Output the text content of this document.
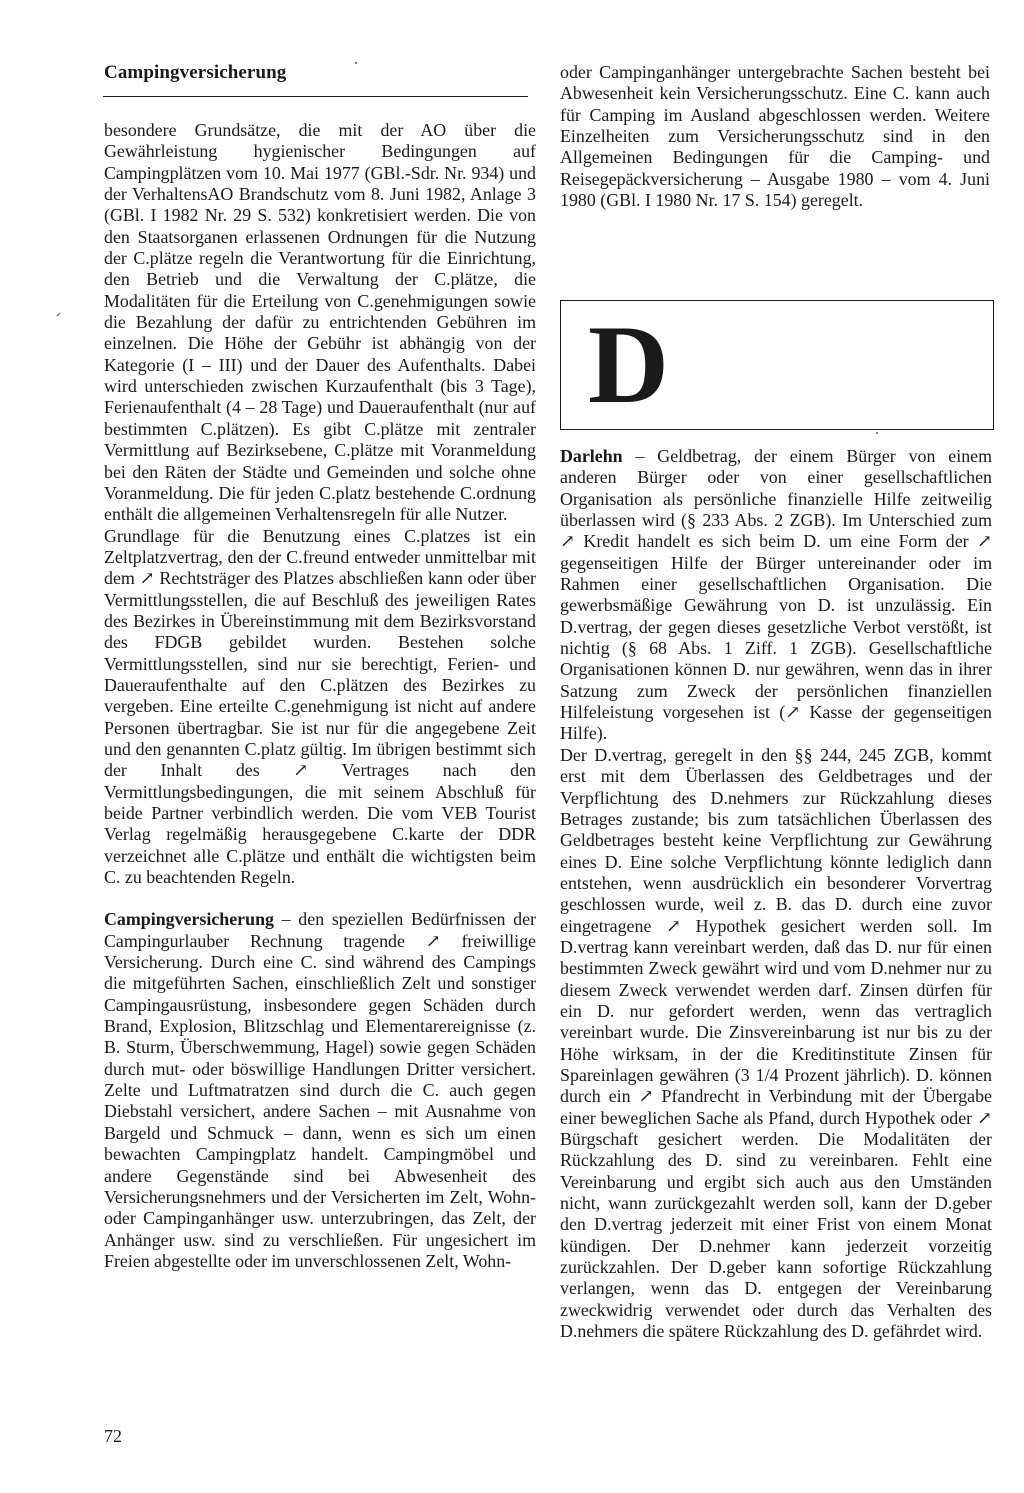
Campingversicherung

besondere Grundsätze, die mit der AO über die Gewährleistung hygienischer Bedingungen auf Campingplätzen vom 10. Mai 1977 (GBl.-Sdr. Nr. 934) und der VerhaltensAO Brandschutz vom 8. Juni 1982, Anlage 3 (GBl. I 1982 Nr. 29 S. 532) konkretisiert werden. Die von den Staatsorganen erlassenen Ordnungen für die Nutzung der C.plätze regeln die Verantwortung für die Einrichtung, den Betrieb und die Verwaltung der C.plätze, die Modalitäten für die Erteilung von C.genehmigungen sowie die Bezahlung der dafür zu entrichtenden Gebühren im einzelnen. Die Höhe der Gebühr ist abhängig von der Kategorie (I – III) und der Dauer des Aufenthalts. Dabei wird unterschieden zwischen Kurzaufenthalt (bis 3 Tage), Ferienaufenthalt (4 – 28 Tage) und Daueraufenthalt (nur auf bestimmten C.plätzen). Es gibt C.plätze mit zentraler Vermittlung auf Bezirksebene, C.plätze mit Voranmeldung bei den Räten der Städte und Gemeinden und solche ohne Voranmeldung. Die für jeden C.platz bestehende C.ordnung enthält die allgemeinen Verhaltensregeln für alle Nutzer.

Grundlage für die Benutzung eines C.platzes ist ein Zeltplatzvertrag, den der C.freund entweder unmittelbar mit dem ↗ Rechtsträger des Platzes abschließen kann oder über Vermittlungsstellen, die auf Beschluß des jeweiligen Rates des Bezirkes in Übereinstimmung mit dem Bezirksvorstand des FDGB gebildet wurden. Bestehen solche Vermittlungsstellen, sind nur sie berechtigt, Ferien- und Daueraufenthalte auf den C.plätzen des Bezirkes zu vergeben. Eine erteilte C.genehmigung ist nicht auf andere Personen übertragbar. Sie ist nur für die angegebene Zeit und den genannten C.platz gültig. Im übrigen bestimmt sich der Inhalt des ↗ Vertrages nach den Vermittlungsbedingungen, die mit seinem Abschluß für beide Partner verbindlich werden. Die vom VEB Tourist Verlag regelmäßig herausgegebene C.karte der DDR verzeichnet alle C.plätze und enthält die wichtigsten beim C. zu beachtenden Regeln.

Campingversicherung – den speziellen Bedürfnissen der Campingurlauber Rechnung tragende ↗ freiwillige Versicherung. Durch eine C. sind während des Campings die mitgeführten Sachen, einschließlich Zelt und sonstiger Campingausrüstung, insbesondere gegen Schäden durch Brand, Explosion, Blitzschlag und Elementarereignisse (z. B. Sturm, Überschwemmung, Hagel) sowie gegen Schäden durch mut- oder böswillige Handlungen Dritter versichert. Zelte und Luftmatratzen sind durch die C. auch gegen Diebstahl versichert, andere Sachen – mit Ausnahme von Bargeld und Schmuck – dann, wenn es sich um einen bewachten Campingplatz handelt. Campingmöbel und andere Gegenstände sind bei Abwesenheit des Versicherungsnehmers und der Versicherten im Zelt, Wohn- oder Campinganhänger usw. unterzubringen, das Zelt, der Anhänger usw. sind zu verschließen. Für ungesichert im Freien abgestellte oder im unverschlossenen Zelt, Wohn-

oder Campinganhänger untergebrachte Sachen besteht bei Abwesenheit kein Versicherungsschutz. Eine C. kann auch für Camping im Ausland abgeschlossen werden. Weitere Einzelheiten zum Versicherungsschutz sind in den Allgemeinen Bedingungen für die Camping- und Reisegepäckversicherung – Ausgabe 1980 – vom 4. Juni 1980 (GBl. I 1980 Nr. 17 S. 154) geregelt.

D

Darlehn – Geldbetrag, der einem Bürger von einem anderen Bürger oder von einer gesellschaftlichen Organisation als persönliche finanzielle Hilfe zeitweilig überlassen wird (§ 233 Abs. 2 ZGB). Im Unterschied zum ↗ Kredit handelt es sich beim D. um eine Form der ↗ gegenseitigen Hilfe der Bürger untereinander oder im Rahmen einer gesellschaftlichen Organisation. Die gewerbsmäßige Gewährung von D. ist unzulässig. Ein D.vertrag, der gegen dieses gesetzliche Verbot verstößt, ist nichtig (§ 68 Abs. 1 Ziff. 1 ZGB). Gesellschaftliche Organisationen können D. nur gewähren, wenn das in ihrer Satzung zum Zweck der persönlichen finanziellen Hilfeleistung vorgesehen ist (↗ Kasse der gegenseitigen Hilfe).

Der D.vertrag, geregelt in den §§ 244, 245 ZGB, kommt erst mit dem Überlassen des Geldbetrages und der Verpflichtung des D.nehmers zur Rückzahlung dieses Betrages zustande; bis zum tatsächlichen Überlassen des Geldbetrages besteht keine Verpflichtung zur Gewährung eines D. Eine solche Verpflichtung könnte lediglich dann entstehen, wenn ausdrücklich ein besonderer Vorvertrag geschlossen wurde, weil z. B. das D. durch eine zuvor eingetragene ↗ Hypothek gesichert werden soll. Im D.vertrag kann vereinbart werden, daß das D. nur für einen bestimmten Zweck gewährt wird und vom D.nehmer nur zu diesem Zweck verwendet werden darf. Zinsen dürfen für ein D. nur gefordert werden, wenn das vertraglich vereinbart wurde. Die Zinsvereinbarung ist nur bis zu der Höhe wirksam, in der die Kreditinstitute Zinsen für Spareinlagen gewähren (3 1/4 Prozent jährlich). D. können durch ein ↗ Pfandrecht in Verbindung mit der Übergabe einer beweglichen Sache als Pfand, durch Hypothek oder ↗ Bürgschaft gesichert werden. Die Modalitäten der Rückzahlung des D. sind zu vereinbaren. Fehlt eine Vereinbarung und ergibt sich auch aus den Umständen nicht, wann zurückgezahlt werden soll, kann der D.geber den D.vertrag jederzeit mit einer Frist von einem Monat kündigen. Der D.nehmer kann jederzeit vorzeitig zurückzahlen. Der D.geber kann sofortige Rückzahlung verlangen, wenn das D. entgegen der Vereinbarung zweckwidrig verwendet oder durch das Verhalten des D.nehmers die spätere Rückzahlung des D. gefährdet wird.

72
